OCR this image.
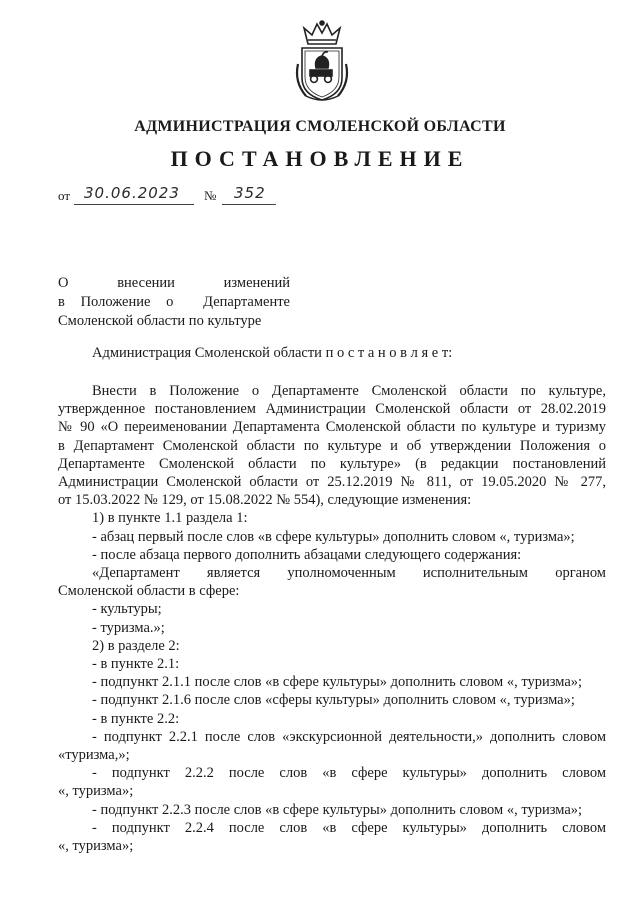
АДМИНИСТРАЦИЯ СМОЛЕНСКОЙ ОБЛАСТИ
ПОСТАНОВЛЕНИЕ
от 30.06.2023 № 352
О	внесении	изменений
в Положение о Департаменте
Смоленской области по культуре

Администрация Смоленской области п о с т а н о в л я е т:

Внести в Положение о Департаменте Смоленской области по культуре,

утвержденное постановлением Администрации Смоленской области от 28.02.2019

№ 90 «О переименовании Департамента Смоленской области по культуре и туризму

в Департамент Смоленской области по культуре и об утверждении Положения о

Департаменте Смоленской области по культуре» (в редакции постановлений

Администрации Смоленской области от 25.12.2019 № 811, от 19.05.2020 № 277,

от 15.03.2022 № 129, от 15.08.2022 № 554), следующие изменения:

1) в пункте 1.1 раздела 1:

- абзац первый после слов «в сфере культуры» дополнить словом «, туризма»;

- после абзаца первого дополнить абзацами следующего содержания:

«Департамент является уполномоченным исполнительным органом

Смоленской области в сфере:

- культуры;

- туризма.»;

2) в разделе 2:

- в пункте 2.1:

- подпункт 2.1.1 после слов «в сфере культуры» дополнить словом «, туризма»;

- подпункт 2.1.6 после слов «сферы культуры» дополнить словом «, туризма»;

- в пункте 2.2:

- подпункт 2.2.1 после слов «экскурсионной деятельности,» дополнить словом

«туризма,»;

- подпункт 2.2.2 после слов «в сфере культуры» дополнить словом

«, туризма»;

- подпункт 2.2.3 после слов «в сфере культуры» дополнить словом «, туризма»;

- подпункт 2.2.4 после слов «в сфере культуры» дополнить словом

«, туризма»;
